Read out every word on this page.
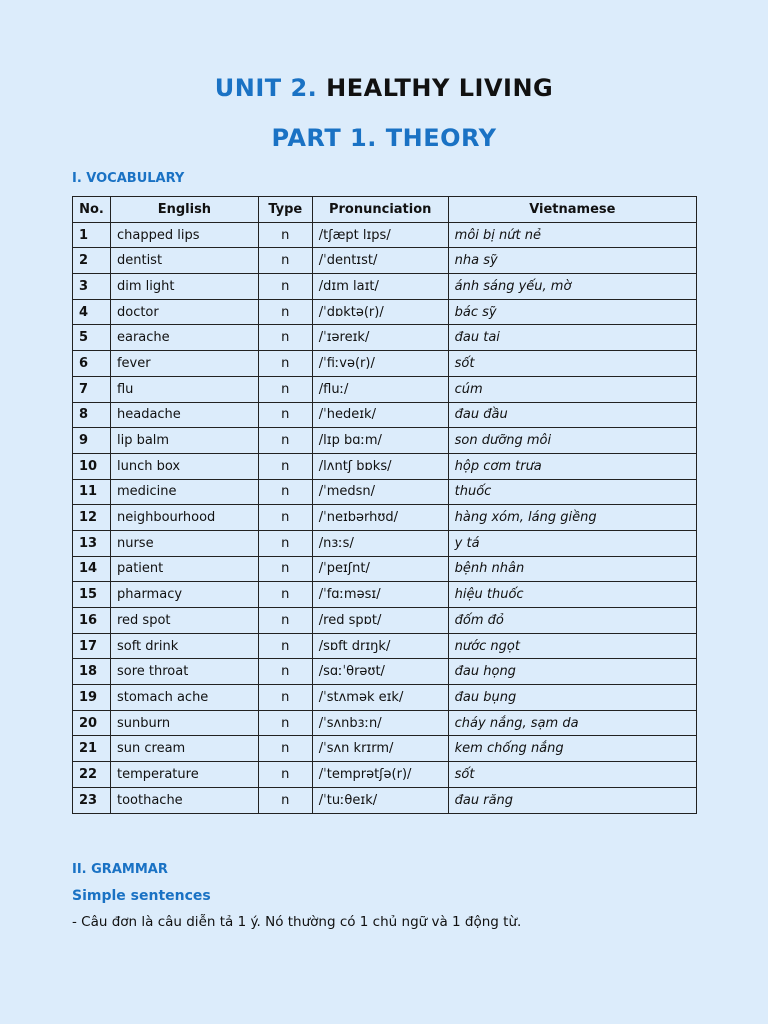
UNIT 2. HEALTHY LIVING
PART 1. THEORY
I. VOCABULARY
No.	English	Type	Pronunciation	Vietnamese
1	chapped lips	n	/tʃæpt lɪps/	môi bị nứt nẻ
2	dentist	n	/ˈdentɪst/	nha sỹ
3	dim light	n	/dɪm laɪt/	ánh sáng yếu, mờ
4	doctor	n	/ˈdɒktə(r)/	bác sỹ
5	earache	n	/ˈɪəreɪk/	đau tai
6	fever	n	/ˈfiːvə(r)/	sốt
7	flu	n	/fluː/	cúm
8	headache	n	/ˈhedeɪk/	đau đầu
9	lip balm	n	/lɪp bɑːm/	son dưỡng môi
10	lunch box	n	/lʌntʃ bɒks/	hộp cơm trưa
11	medicine	n	/ˈmedsn/	thuốc
12	neighbourhood	n	/ˈneɪbərhʊd/	hàng xóm, láng giềng
13	nurse	n	/nɜːs/	y tá
14	patient	n	/ˈpeɪʃnt/	bệnh nhân
15	pharmacy	n	/ˈfɑːməsɪ/	hiệu thuốc
16	red spot	n	/red spɒt/	đốm đỏ
17	soft drink	n	/sɒft drɪŋk/	nước ngọt
18	sore throat	n	/sɑːˈθrəʊt/	đau họng
19	stomach ache	n	/ˈstʌmək eɪk/	đau bụng
20	sunburn	n	/ˈsʌnbɜːn/	cháy nắng, sạm da
21	sun cream	n	/ˈsʌn krɪrm/	kem chống nắng
22	temperature	n	/ˈtemprətʃə(r)/	sốt
23	toothache	n	/ˈtuːθeɪk/	đau răng
II. GRAMMAR
Simple sentences
- Câu đơn là câu diễn tả 1 ý. Nó thường có 1 chủ ngữ và 1 động từ.
